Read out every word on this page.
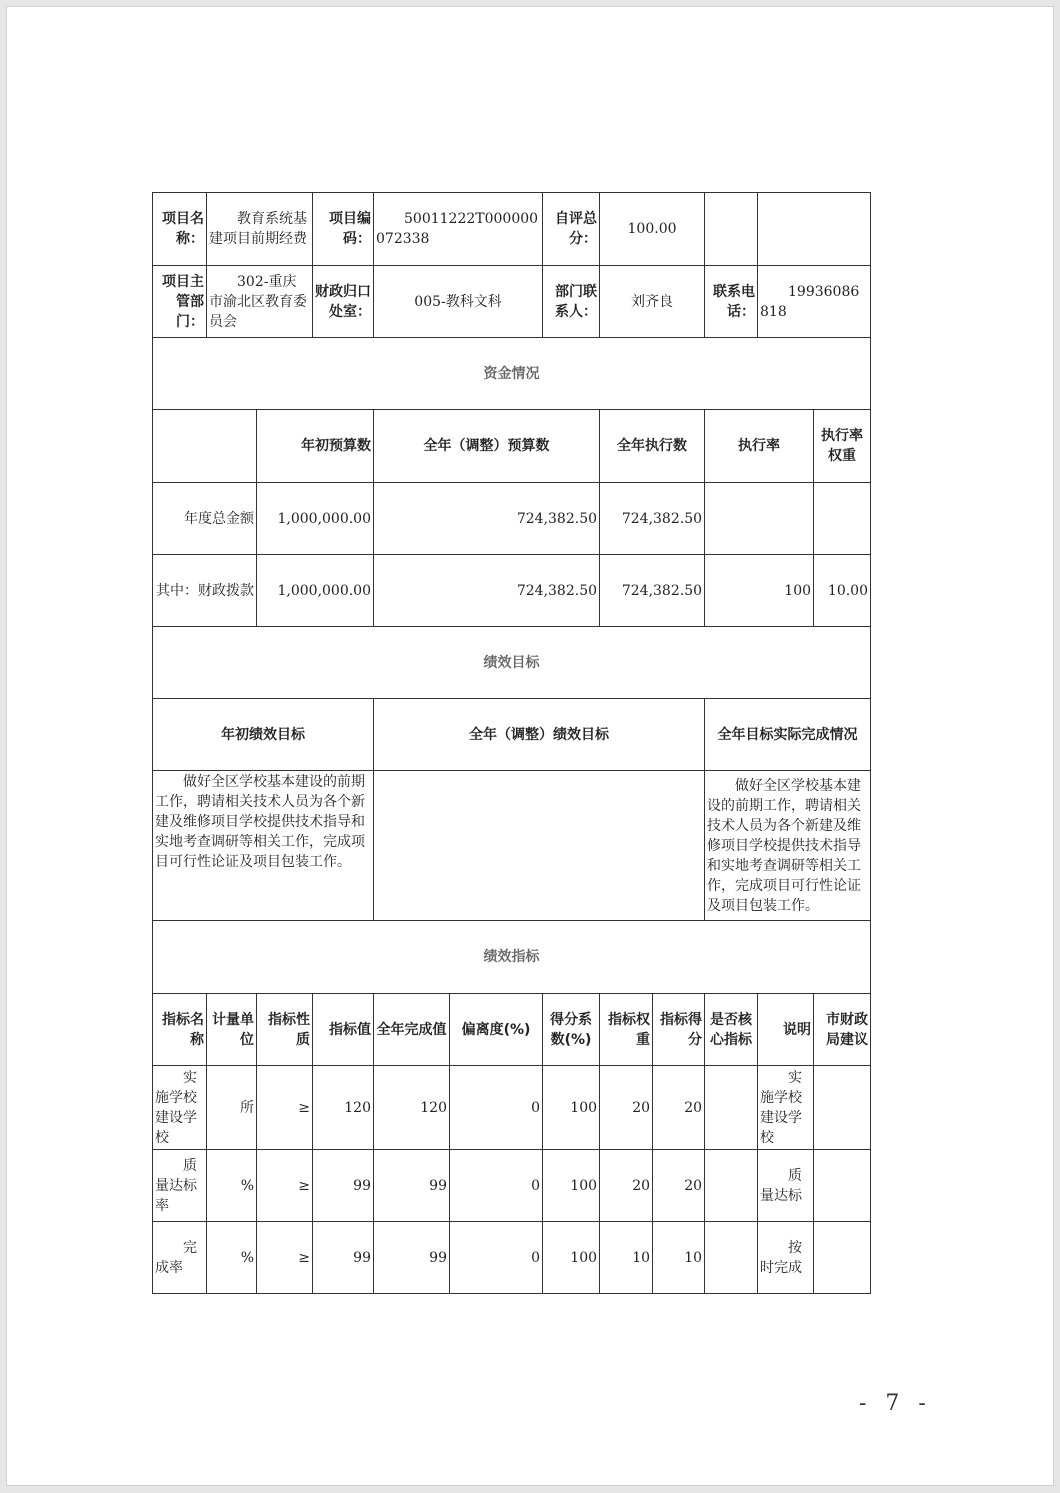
项目名称：	教育系统基建项目前期经费		项目编码：	50011222T000000072338		自评总分：	100.00				
项目主管部门：	302-重庆市渝北区教育委员会		财政归口处室：	005-教科文科		部门联系人：	刘齐良		联系电话：	19936086818	
资金情况											
		年初预算数		全年（调整）预算数			全年执行数		执行率		执行率权重
年度总金额		1,000,000.00		724,382.50			724,382.50				
其中：财政拨款		1,000,000.00		724,382.50			724,382.50		100		10.00
绩效目标											
年初绩效目标				全年（调整）绩效目标					全年目标实际完成情况		
做好全区学校基本建设的前期工作，聘请相关技术人员为各个新建及维修项目学校提供技术指导和实地考查调研等相关工作，完成项目可行性论证及项目包装工作。									做好全区学校基本建设的前期工作，聘请相关技术人员为各个新建及维修项目学校提供技术指导和实地考查调研等相关工作，完成项目可行性论证及项目包装工作。		
绩效指标											
指标名称	计量单位	指标性质	指标值	全年完成值	偏离度(%)	得分系数(%)	指标权重	指标得分	是否核心指标	说明	市财政局建议
实施学校建设学校	所	≥	120	120	0	100	20	20		实施学校建设学校	
质量达标率	%	≥	99	99	0	100	20	20		质量达标	
完成率	%	≥	99	99	0	100	10	10		按时完成	
- 7 -
